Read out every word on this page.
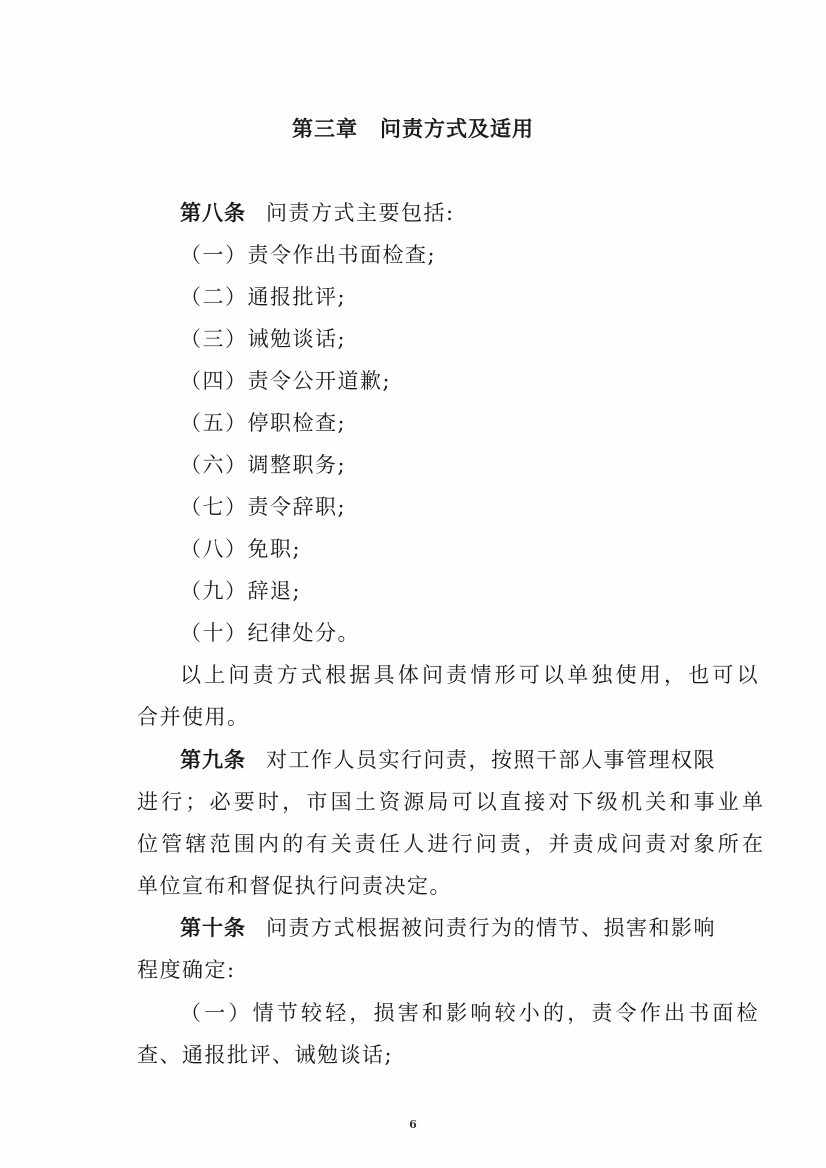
第三章 问责方式及适用
第八条 问责方式主要包括:
（一）责令作出书面检查;
（二）通报批评;
（三）诫勉谈话;
（四）责令公开道歉;
（五）停职检查;
（六）调整职务;
（七）责令辞职;
（八）免职;
（九）辞退;
（十）纪律处分。
以上问责方式根据具体问责情形可以单独使用，也可以
合并使用。
第九条 对工作人员实行问责，按照干部人事管理权限
进行；必要时，市国土资源局可以直接对下级机关和事业单
位管辖范围内的有关责任人进行问责，并责成问责对象所在
单位宣布和督促执行问责决定。
第十条 问责方式根据被问责行为的情节、损害和影响
程度确定:
（一）情节较轻，损害和影响较小的，责令作出书面检
查、通报批评、诫勉谈话;
6
